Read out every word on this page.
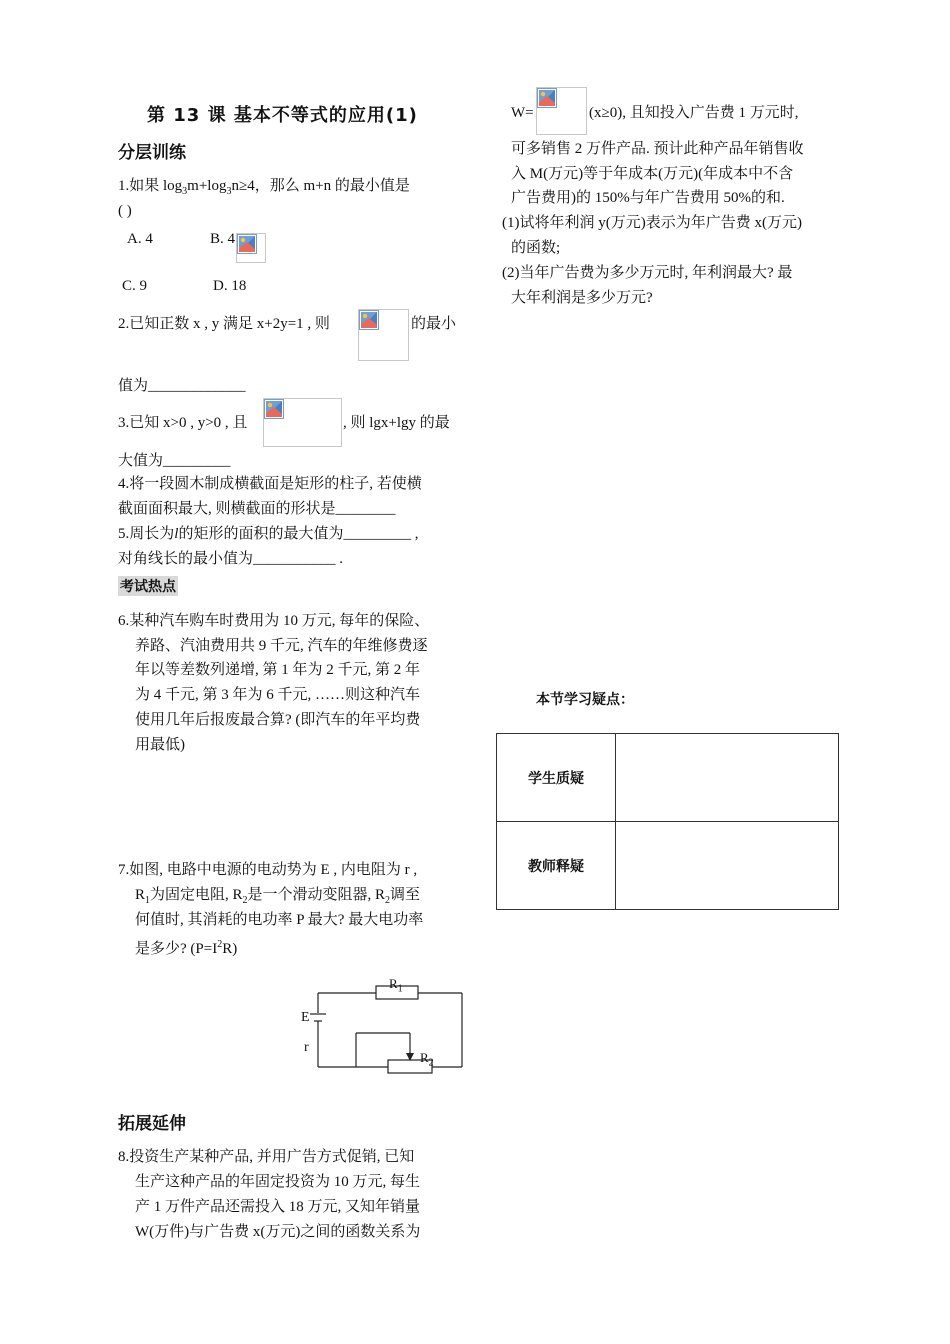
第 13 课 基本不等式的应用(1)
分层训练
1.如果 $\log_3m+\log_3n\ge 4$，那么 m+n 的最小值是
( )
A. 4	B. 4
C. 9	D. 18
2.已知正数 x , y 满足 x+2y=1 , 则	的最小
值为_____________
3.已知 x>0 , y>0 , 且	, 则 lgx+lgy 的最
大值为_________
4.将一段圆木制成横截面是矩形的柱子, 若使横
截面面积最大, 则横截面的形状是________
5.周长为l的矩形的面积的最大值为_________ ,
对角线长的最小值为___________ .
考试热点
6.某种汽车购车时费用为 10 万元, 每年的保险、
养路、汽油费用共 9 千元, 汽车的年维修费逐
年以等差数列递增, 第 1 年为 2 千元, 第 2 年
为 4 千元, 第 3 年为 6 千元, ……则这种汽车
使用几年后报废最合算? (即汽车的年平均费
用最低)
7.如图, 电路中电源的电动势为 E , 内电阻为 r ,
$R_1$为固定电阻, $R_2$是一个滑动变阻器, $R_2$调至
何值时, 其消耗的电功率 P 最大? 最大电功率
是多少? $(P=I^2R)$
$R_1$
E
r
$R_2$
拓展延伸
8.投资生产某种产品, 并用广告方式促销, 已知
生产这种产品的年固定投资为 10 万元, 每生
产 1 万件产品还需投入 18 万元, 又知年销量
W(万件)与广告费 x(万元)之间的函数关系为
W=	(x≥0), 且知投入广告费 1 万元时,
可多销售 2 万件产品. 预计此种产品年销售收
入 M(万元)等于年成本(万元)(年成本中不含
广告费用)的 150%与年广告费用 50%的和.
(1)试将年利润 y(万元)表示为年广告费 x(万元)
的函数;
(2)当年广告费为多少万元时, 年利润最大? 最
大年利润是多少万元?
本节学习疑点：
学生质疑	
教师释疑	
